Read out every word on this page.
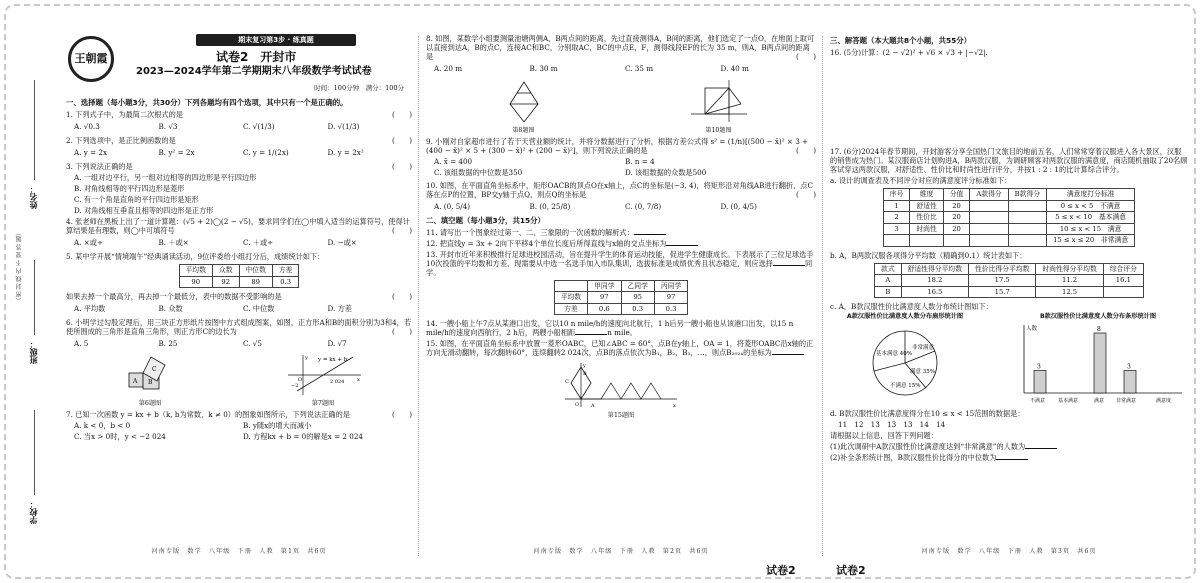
姓名：
（密 封 线 内 不 要 答 题）
班级：
学校：
王朝霞
期末复习第3步 · 练真题
试卷2　开封市
2023—2024学年第二学期期末八年级数学考试试卷
时间：100分钟　满分：100分
一、选择题（每小题3分，共30分）下列各题均有四个选项，其中只有一个是正确的。
1. 下列式子中，为最简二次根式的是	(　　)
A. √0.3	B. √3	C. √(1/3)	D. √(1/3)
2. 下列选项中，是正比例函数的是	(　　)
A. y = 2x	B. y² = 2x	C. y = 1/(2x)	D. y = 2x²
3. 下列说法正确的是	(　　)
A. 一组对边平行，另一组对边相等的四边形是平行四边形
B. 对角线相等的平行四边形是菱形
C. 有一个角是直角的平行四边形是矩形
D. 对角线相互垂直且相等的四边形是正方形
4. 张老师在黑板上出了一道计算题：(√5 + 2)◯(2 − √5)，要求同学们在◯中填入适当的运算符号，使得计算结果是有理数，则◯中可填符号	(　　)
A. ×或÷	B. ＋或×	C. ＋或÷	D. −或×
5. 某中学开展“情境端午”经典诵读活动，9位评委给小组打分后，成绩统计如下：
平均数	众数	中位数	方差
90	92	89	0.3
如果去掉一个最高分，再去掉一个最低分，表中的数据不受影响的是	(　　)
A. 平均数	B. 众数	C. 中位数	D. 方差
6. 小明学过勾股定理后，用三块正方形纸片按图中方式组成图案，如图，正方形A和B的面积分别为3和4，若使所围成的三角形是直角三角形，则正方形C的边长为	(　　)
A. 5	B. 25	C. √5	D. √7
A B
C
第6题图
y = kx + b
2 024
−2
x
y
O
第7题图
7. 已知一次函数 y = kx + b（k, b为常数，k ≠ 0）的图象如图所示，下列说法正确的是	(　　)
A. k < 0，b < 0	B. y随x的增大而减小
C. 当x > 0时，y < −2 024	D. 方程kx + b = 0的解是x = 2 024
河南专版　数学　八年级　下册　人教　第1页　共6页
8. 如图，某数学小组要测量池塘两侧A，B两点间的距离，先过直接测得A，B间的距离，他们选定了一点O，在地面上取可以直接到达A，B的点C，连接AC和BC，分别取AC，BC的中点E，F，测得线段EF的长为 35 m，则A，B两点间的距离是	(　　)
A. 20 m	B. 30 m	C. 35 m	D. 40 m
第8题图	第10题图
9. 小刚对自家超市进行了若干天营业额的统计，并将分数据进行了分析，根据方差公式得 s² = (1/n)[(500 − x̄)² × 3 + (400 − x̄)² × 5 + (300 − x̄)² + (200 − x̄)²]，则下列说法正确的是	(　　)
A. x̄ = 400	B. n = 4
C. 该组数据的中位数是350	D. 该组数据的众数是500
10. 如图，在平面直角坐标系中，矩形OACB的顶点O在x轴上，点C的坐标是(−3, 4)，将矩形沿对角线AB进行翻折，点C落在点P的位置，BP交y轴于点Q，则点Q的坐标是	(　　)
A. (0, 5/4)	B. (0, 25/8)	C. (0, 7/8)	D. (0, 4/5)
二、填空题（每小题3分，共15分）
11. 请写出一个图象经过第一、二、三象限的一次函数的解析式：
12. 把直线y = 3x + 2向下平移4个单位长度后所得直线与x轴的交点坐标为
13. 开封市近年来积极推行足球进校园活动，旨在提升学生的体育运动技能，促进学生健康成长。下表展示了三位足球选手10次投篮的平均数和方差，现需要从中选一名选手加入市队集训，选拔标准是成绩优秀且状态稳定，则应选择	同学。
	甲同学	乙同学	丙同学
平均数	97	95	97
方差	0.6	0.3	0.3
14. 一艘小船上午7点从某港口出发，它以10 n mile/h的速度向北航行，1 h后另一艘小船也从该港口出发，以15 n mile/h的速度向西航行，2 h后，两艘小船相距	n mile。
15. 如图，在平面直角坐标系中放置一菱形OABC，已知∠ABC = 60°，点B在y轴上，OA = 1，将菱形OABC沿x轴的正方向无滑动翻转，每次翻转60°，连续翻转2 024次，点B的落点依次为B₁，B₂，B₃，…，则点B₂₀₂₄的坐标为
x
y
O A
B
C
第15题图
河南专版　数学　八年级　下册　人教　第2页　共6页
试卷2	试卷2
三、解答题（本大题共8个小题，共55分）
16. (5分)计算：(2 − √2)² + √6 × √3 + |−√2|.
17. (6分)2024年春节期间，开封游客分享全国热门文旅目的地前五名，人们常常穿着汉服进入各大景区，汉服的销售成为热门。某汉服商店计划购进A，B两款汉服，为调研顾客对两款汉服的满意度，商店随机抽取了20名顾客试穿这两款汉服，对舒适性、性价比和时尚性进行评分，并按1 : 2 : 1的比计算综合评分。
a. 设计的调查表及不同评分对应的满意度评分标准如下：
序号	维度	分值	A款得分	B款得分	满意度打分标准
1	舒适性	20			0 ≤ x < 5　不满意
2	性价比	20			5 ≤ x < 10　基本满意
3	时尚性	20			10 ≤ x < 15　满意
					15 ≤ x ≤ 20　非常满意
b. A，B两款汉服各项得分平均数（精确到0.1）统计表如下：
款式	舒适性得分平均数	性价比得分平均数	时尚性得分平均数	综合评分
A	18.2	17.5	11.2	16.1
B	16.5	15.7	12.5	
c. A，B款汉服性价比满意度人数分布统计图如下：
A款汉服性价比满意度人数分布扇形统计图
非常满意
基本满意 40%
满意 35%
不满意 15%
B款汉服性价比满意度人数分布条形统计图
人数
不满意	基本满意	满意 非常满意	满意度
3
8
3
d. B款汉服性价比满意度得分在10 ≤ x < 15范围的数据是：
11　12　13　13　13　14　14
请根据以上信息，回答下列问题：
(1)此次调研中A款汉服性价比满意度达到“非常满意”的人数为
(2)补全条形统计图，B款汉服性价比得分的中位数为
河南专版　数学　八年级　下册　人教　第3页　共6页
